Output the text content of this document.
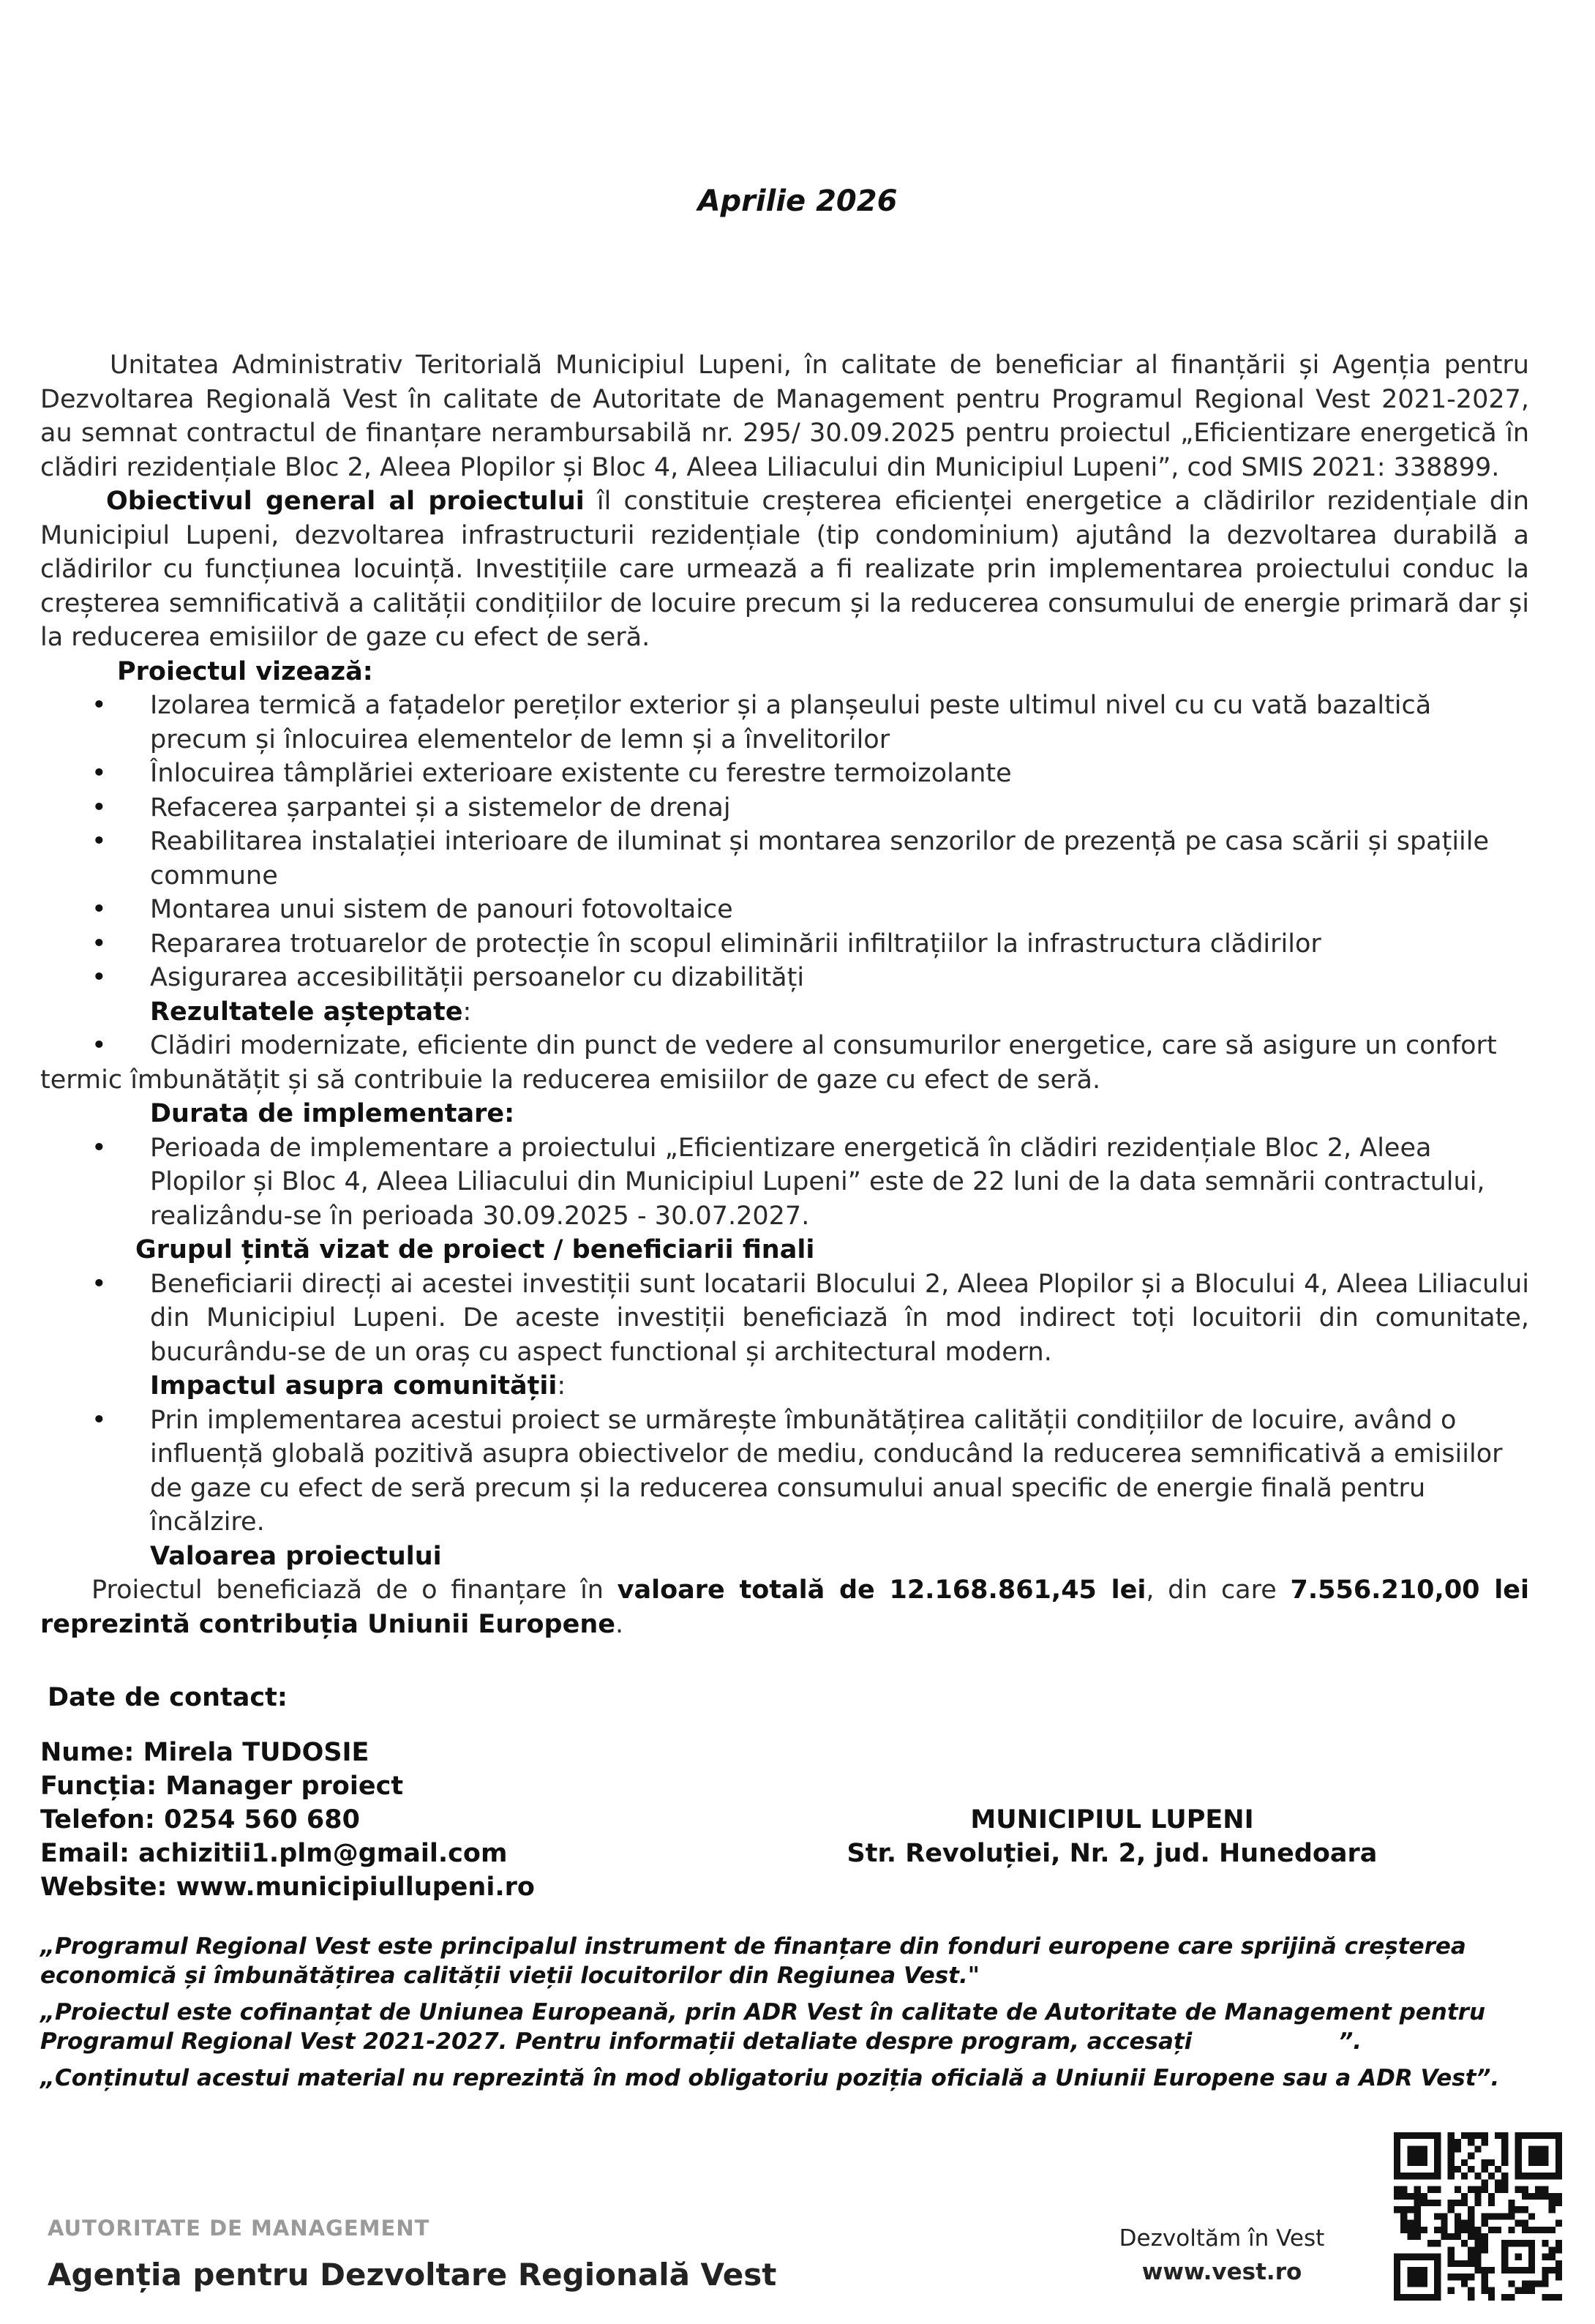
Aprilie 2026

Unitatea Administrativ Teritorială Municipiul Lupeni, în calitate de beneficiar al finanțării și Agenția pentru Dezvoltarea Regională Vest în calitate de Autoritate de Management pentru Programul Regional Vest 2021-2027, au semnat contractul de finanțare nerambursabilă nr. 295/ 30.09.2025 pentru proiectul „Eficientizare energetică în clădiri rezidențiale Bloc 2, Aleea Plopilor și Bloc 4, Aleea Liliacului din Municipiul Lupeni”, cod SMIS 2021: 338899.

Obiectivul general al proiectului îl constituie creșterea eficienței energetice a clădirilor rezidențiale din Municipiul Lupeni, dezvoltarea infrastructurii rezidențiale (tip condominium) ajutând la dezvoltarea durabilă a clădirilor cu funcțiunea locuință. Investițiile care urmează a fi realizate prin implementarea proiectului conduc la creșterea semnificativă a calității condițiilor de locuire precum și la reducerea consumului de energie primară dar și la reducerea emisiilor de gaze cu efect de seră.

Proiectul vizează:

• Izolarea termică a fațadelor pereților exterior și a planșeului peste ultimul nivel cu cu vată bazaltică precum și înlocuirea elementelor de lemn și a învelitorilor
• Înlocuirea tâmplăriei exterioare existente cu ferestre termoizolante
• Refacerea șarpantei și a sistemelor de drenaj
• Reabilitarea instalației interioare de iluminat și montarea senzorilor de prezență pe casa scării și spațiile commune
• Montarea unui sistem de panouri fotovoltaice
• Repararea trotuarelor de protecție în scopul eliminării infiltrațiilor la infrastructura clădirilor
• Asigurarea accesibilității persoanelor cu dizabilități

Rezultatele așteptate:

• Clădiri modernizate, eficiente din punct de vedere al consumurilor energetice, care să asigure un confort termic îmbunătățit și să contribuie la reducerea emisiilor de gaze cu efect de seră.

Durata de implementare:

• Perioada de implementare a proiectului „Eficientizare energetică în clădiri rezidențiale Bloc 2, Aleea Plopilor și Bloc 4, Aleea Liliacului din Municipiul Lupeni” este de 22 luni de la data semnării contractului, realizându-se în perioada 30.09.2025 - 30.07.2027.

Grupul țintă vizat de proiect / beneficiarii finali

• Beneficiarii direcți ai acestei investiții sunt locatarii Blocului 2, Aleea Plopilor și a Blocului 4, Aleea Liliacului din Municipiul Lupeni. De aceste investiții beneficiază în mod indirect toți locuitorii din comunitate, bucurându-se de un oraș cu aspect functional și architectural modern.

Impactul asupra comunității:

• Prin implementarea acestui proiect se urmărește îmbunătățirea calității condițiilor de locuire, având o influență globală pozitivă asupra obiectivelor de mediu, conducând la reducerea semnificativă a emisiilor de gaze cu efect de seră precum și la reducerea consumului anual specific de energie finală pentru încălzire.

Valoarea proiectului

Proiectul beneficiază de o finanțare în valoare totală de 12.168.861,45 lei, din care 7.556.210,00 lei reprezintă contribuția Uniunii Europene.

Date de contact:
Nume: Mirela TUDOSIE
Funcția: Manager proiect
Telefon: 0254 560 680
Email: achizitii1.plm@gmail.com
Website: www.municipiullupeni.ro
MUNICIPIUL LUPENI
Str. Revoluției, Nr. 2, jud. Hunedoara

„Programul Regional Vest este principalul instrument de finanțare din fonduri europene care sprijină creșterea economică și îmbunătățirea calității vieții locuitorilor din Regiunea Vest."

„Proiectul este cofinanțat de Uniunea Europeană, prin ADR Vest în calitate de Autoritate de Management pentru Programul Regional Vest 2021-2027. Pentru informații detaliate despre program, accesați	”.

„Conținutul acestui material nu reprezintă în mod obligatoriu poziția oficială a Uniunii Europene sau a ADR Vest”.

AUTORITATE DE MANAGEMENT
Agenția pentru Dezvoltare Regională Vest
Dezvoltăm în Vest
www.vest.ro
